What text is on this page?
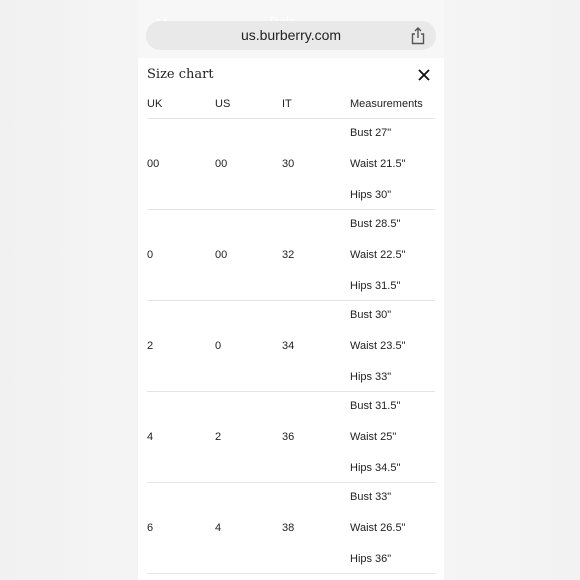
us.burberry.com
Size chart
UK	US	IT	Measurements
00	00	30
Bust 27"
Waist 21.5"
Hips 30"
0	00	32
Bust 28.5"
Waist 22.5"
Hips 31.5"
2	0	34
Bust 30"
Waist 23.5"
Hips 33"
4	2	36
Bust 31.5"
Waist 25"
Hips 34.5"
6	4	38
Bust 33"
Waist 26.5"
Hips 36"
